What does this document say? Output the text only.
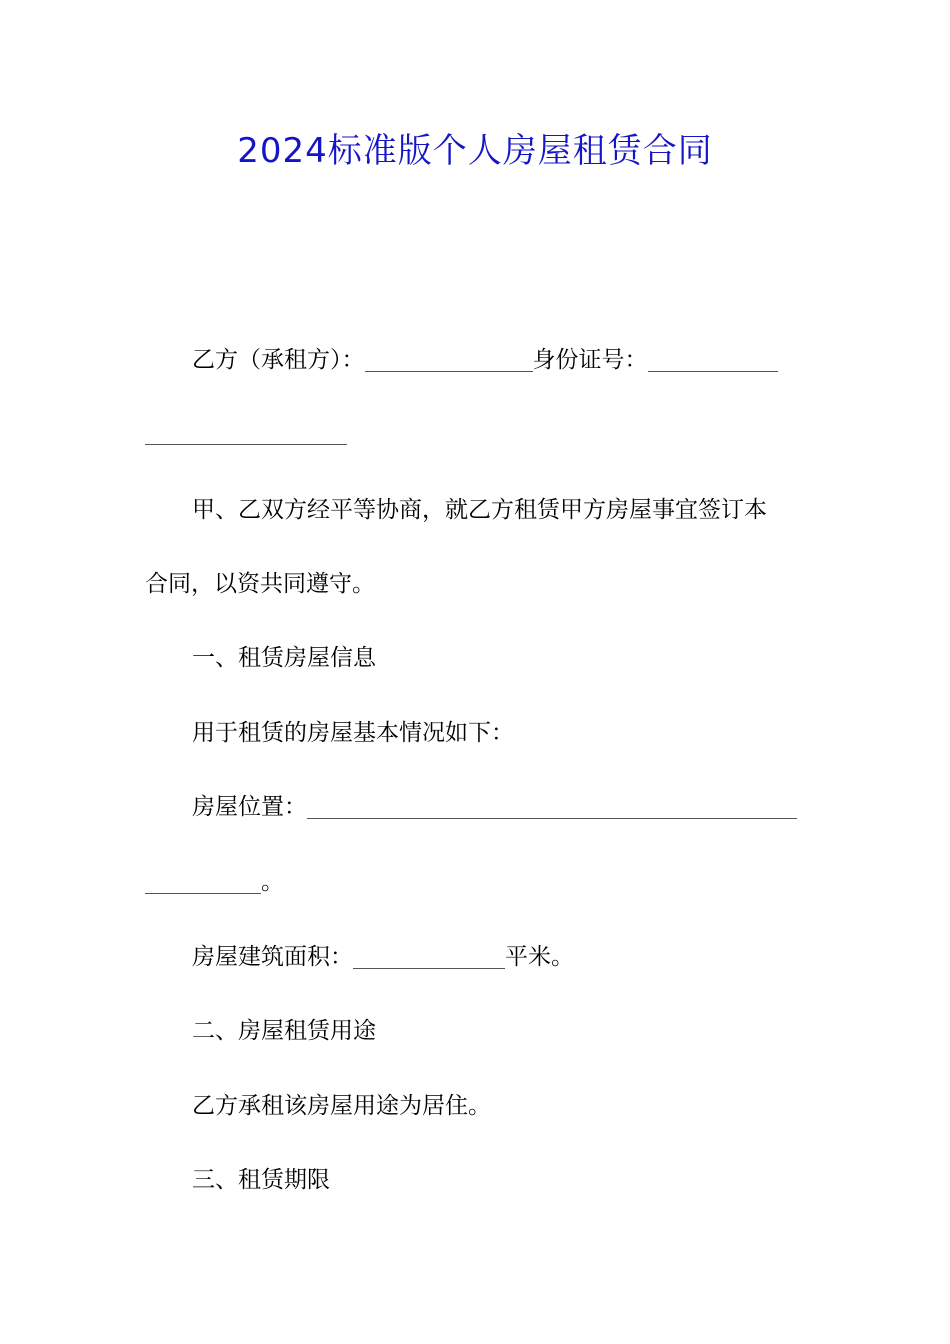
2024标准版个人房屋租赁合同
乙方（承租方）：	身份证号：
甲、乙双方经平等协商，就乙方租赁甲方房屋事宜签订本
合同，以资共同遵守。
一、租赁房屋信息
用于租赁的房屋基本情况如下：
房屋位置：
。
房屋建筑面积：	平米。
二、房屋租赁用途
乙方承租该房屋用途为居住。
三、租赁期限
